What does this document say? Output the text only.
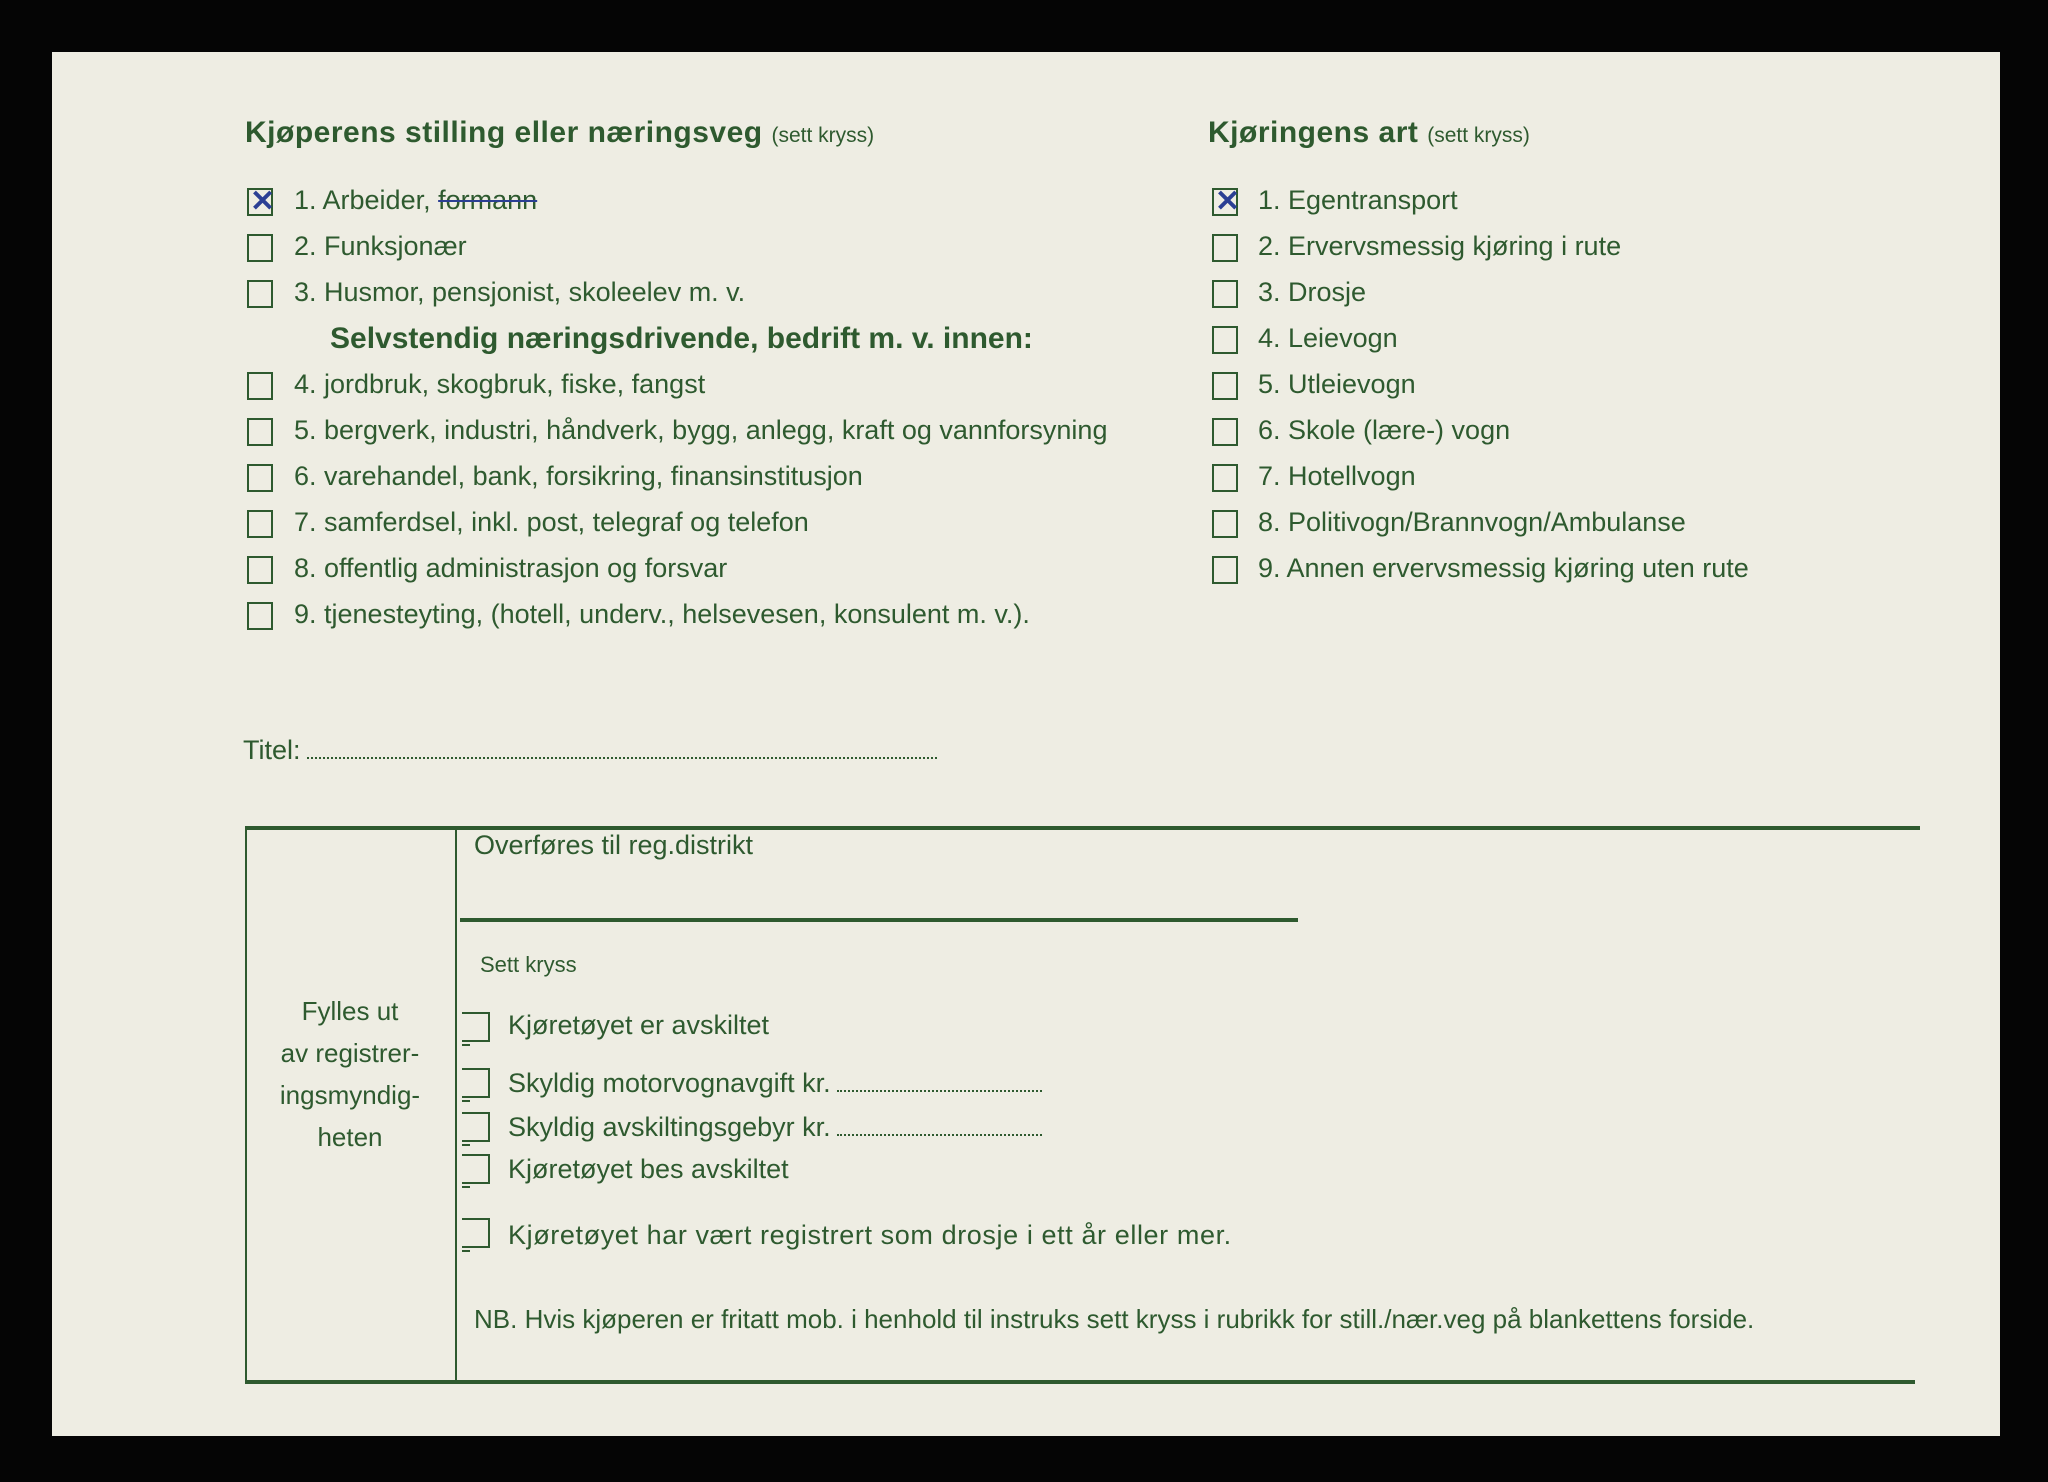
Kjøperens stilling eller næringsveg (sett kryss)
✕
1. Arbeider, formann
2. Funksjonær
3. Husmor, pensjonist, skoleelev m. v.
Selvstendig næringsdrivende, bedrift m. v. innen:
4. jordbruk, skogbruk, fiske, fangst
5. bergverk, industri, håndverk, bygg, anlegg, kraft og vannforsyning
6. varehandel, bank, forsikring, finansinstitusjon
7. samferdsel, inkl. post, telegraf og telefon
8. offentlig administrasjon og forsvar
9. tjenesteyting, (hotell, underv., helsevesen, konsulent m. v.).
Titel:
Kjøringens art (sett kryss)
✕
1. Egentransport
2. Ervervsmessig kjøring i rute
3. Drosje
4. Leievogn
5. Utleievogn
6. Skole (lære-) vogn
7. Hotellvogn
8. Politivogn/Brannvogn/Ambulanse
9. Annen ervervsmessig kjøring uten rute
Fylles ut
av registrer-
ingsmyndig-
heten
Overføres til reg.distrikt
Sett kryss
Kjøretøyet er avskiltet
Skyldig motorvognavgift kr.
Skyldig avskiltingsgebyr kr.
Kjøretøyet bes avskiltet
Kjøretøyet har vært registrert som drosje i ett år eller mer.
NB. Hvis kjøperen er fritatt mob. i henhold til instruks sett kryss i rubrikk for still./nær.veg på blankettens forside.
